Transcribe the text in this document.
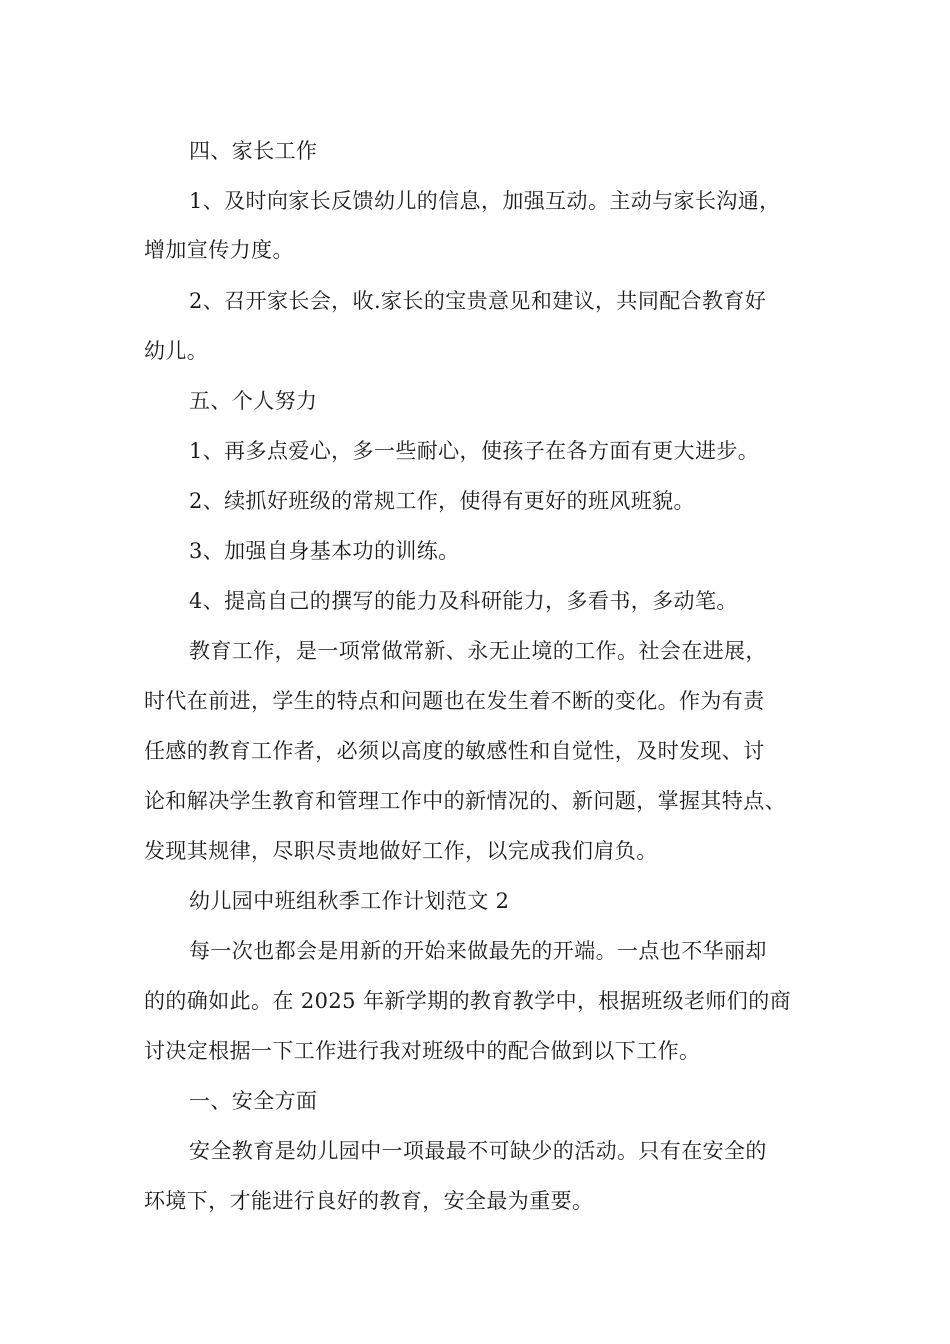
四、家长工作
1、及时向家长反馈幼儿的信息，加强互动。主动与家长沟通，
增加宣传力度。
2、召开家长会，收.家长的宝贵意见和建议，共同配合教育好
幼儿。
五、个人努力
1、再多点爱心，多一些耐心，使孩子在各方面有更大进步。
2、续抓好班级的常规工作，使得有更好的班风班貌。
3、加强自身基本功的训练。
4、提高自己的撰写的能力及科研能力，多看书，多动笔。
教育工作，是一项常做常新、永无止境的工作。社会在进展，
时代在前进，学生的特点和问题也在发生着不断的变化。作为有责
任感的教育工作者，必须以高度的敏感性和自觉性，及时发现、讨
论和解决学生教育和管理工作中的新情况的、新问题，掌握其特点、
发现其规律，尽职尽责地做好工作，以完成我们肩负。
幼儿园中班组秋季工作计划范文 2
每一次也都会是用新的开始来做最先的开端。一点也不华丽却
的的确如此。在 2025 年新学期的教育教学中，根据班级老师们的商
讨决定根据一下工作进行我对班级中的配合做到以下工作。
一、安全方面
安全教育是幼儿园中一项最最不可缺少的活动。只有在安全的
环境下，才能进行良好的教育，安全最为重要。
